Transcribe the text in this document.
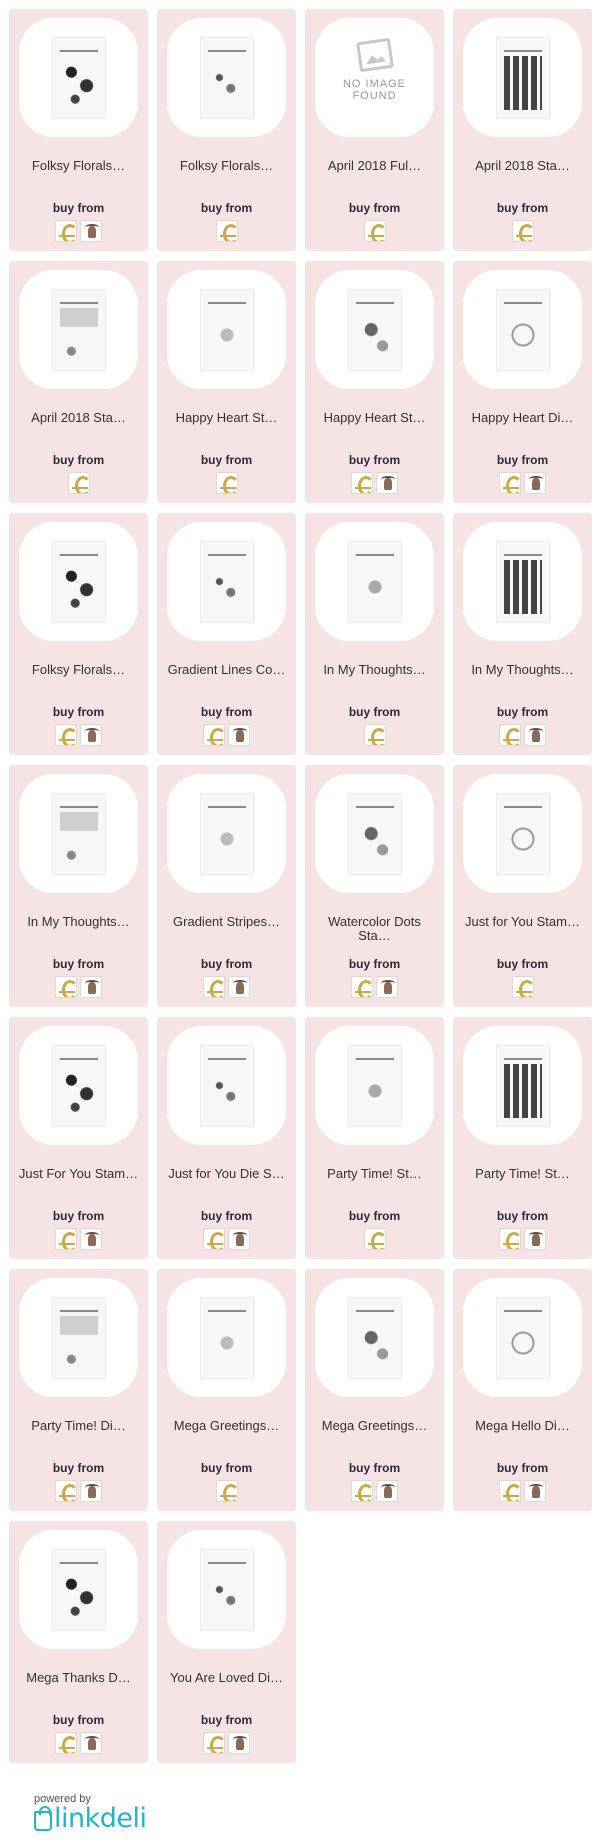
Folksy Florals…
buy from
Folksy Florals…
buy from
NO IMAGE FOUND
April 2018 Ful…
buy from
April 2018 Sta…
buy from
April 2018 Sta…
buy from
Happy Heart St…
buy from
Happy Heart St…
buy from
Happy Heart Di…
buy from
Folksy Florals…
buy from
Gradient Lines Co…
buy from
In My Thoughts…
buy from
In My Thoughts…
buy from
In My Thoughts…
buy from
Gradient Stripes…
buy from
Watercolor Dots Sta…
buy from
Just for You Stam…
buy from
Just For You Stam…
buy from
Just for You Die S…
buy from
Party Time! St…
buy from
Party Time! St…
buy from
Party Time! Di…
buy from
Mega Greetings…
buy from
Mega Greetings…
buy from
Mega Hello Di…
buy from
Mega Thanks D…
buy from
You Are Loved Di…
buy from
powered by
linkdeli
